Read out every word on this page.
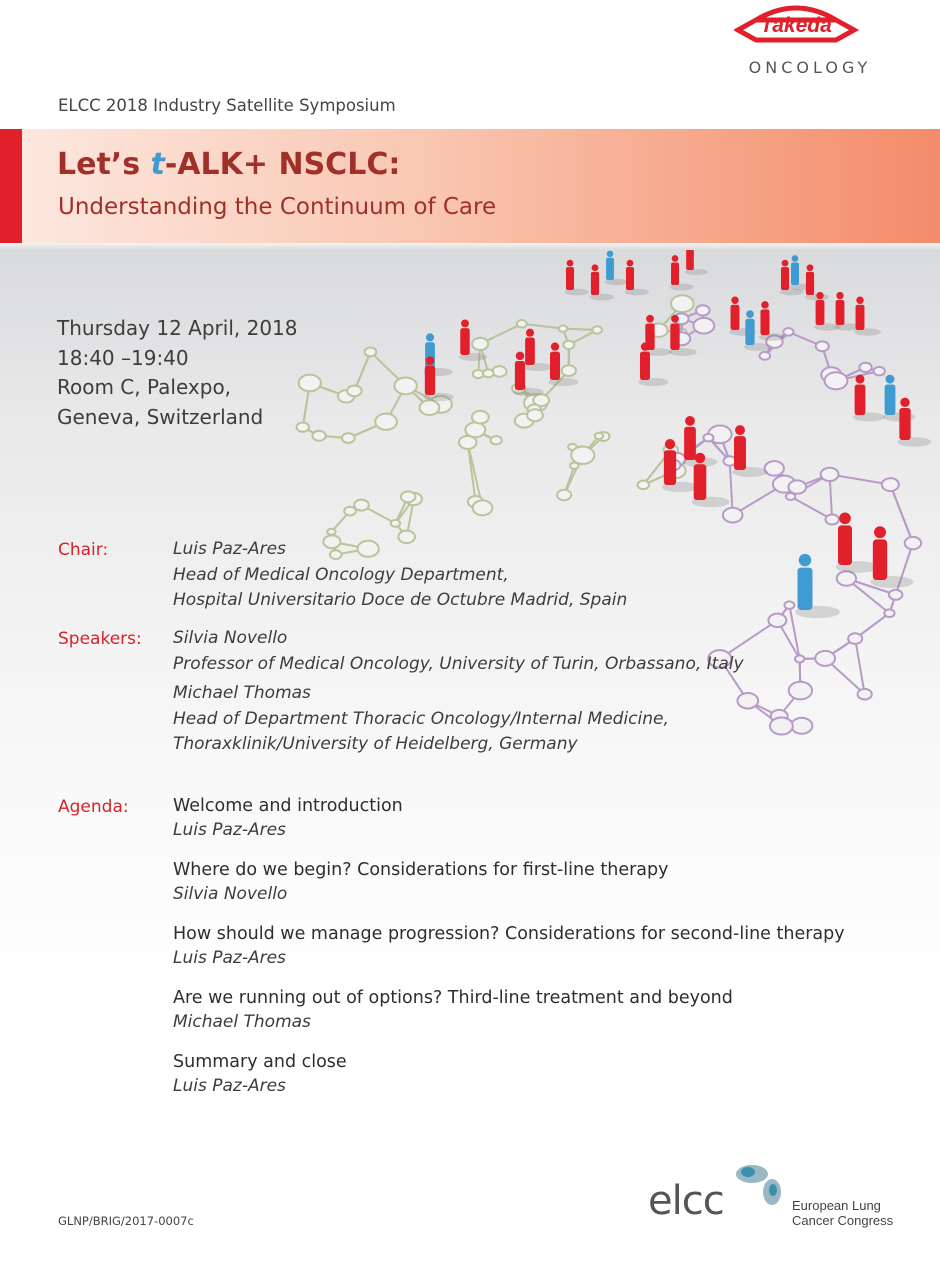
Takeda
ONCOLOGY
ELCC 2018 Industry Satellite Symposium
Let’s t-ALK+ NSCLC:
Understanding the Continuum of Care
Thursday 12 April, 2018
18:40 –19:40
Room C, Palexpo,
Geneva, Switzerland
Chair:	Luis Paz-Ares
Head of Medical Oncology Department,
Hospital Universitario Doce de Octubre Madrid, Spain
Speakers: Silvia Novello
Professor of Medical Oncology, University of Turin, Orbassano, Italy
Michael Thomas
Head of Department Thoracic Oncology/Internal Medicine,
Thoraxklinik/University of Heidelberg, Germany
Agenda:	Welcome and introduction
Luis Paz-Ares
Where do we begin? Considerations for first-line therapy
Silvia Novello
How should we manage progression? Considerations for second-line therapy
Luis Paz-Ares
Are we running out of options? Third-line treatment and beyond
Michael Thomas
Summary and close
Luis Paz-Ares
GLNP/BRIG/2017-0007c	elcc	European Lung
Cancer Congress
